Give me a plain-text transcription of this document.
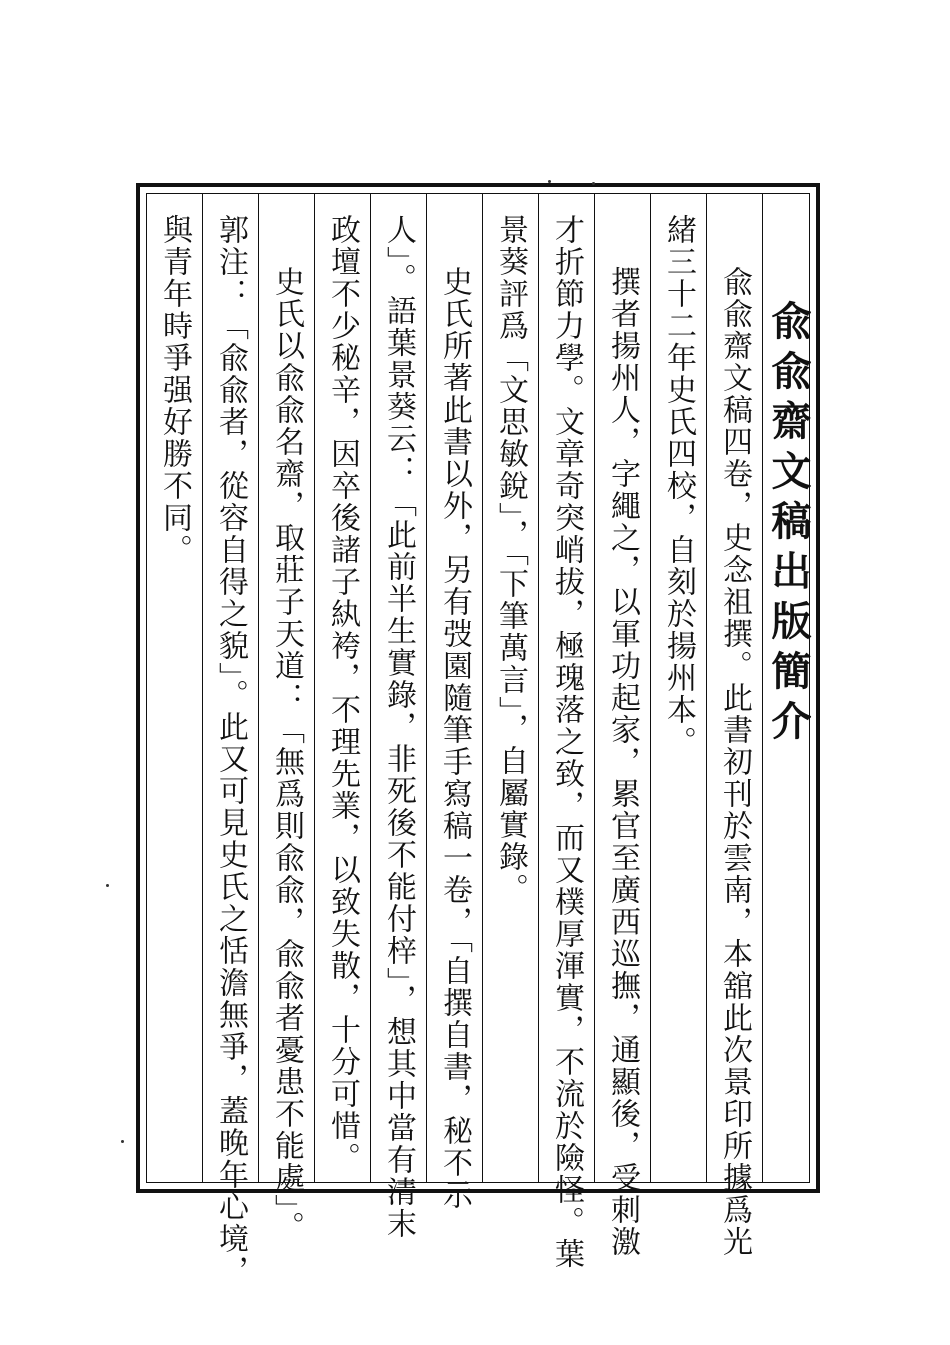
兪兪齋文稿出版簡介
兪兪齋文稿四卷，史念祖撰。此書初刊於雲南，本舘此次景印所據爲光
緒三十二年史氏四校，自刻於揚州本。
撰者揚州人，字繩之，以軍功起家，累官至廣西巡撫，通顯後，受刺激
才折節力學。文章奇突峭拔，極瑰落之致，而又樸厚渾實，不流於險怪。葉
景葵評爲「文思敏銳」，「下筆萬言」，自屬實錄。
史氏所著此書以外，另有弢園隨筆手寫稿一卷，「自撰自書，秘不示
人」。語葉景葵云：「此前半生實錄，非死後不能付梓」，想其中當有清末
政壇不少秘辛，因卒後諸子紈袴，不理先業，以致失散，十分可惜。
史氏以兪兪名齋，取莊子天道：「無爲則兪兪，兪兪者憂患不能處」。
郭注：「兪兪者，從容自得之貌」。此又可見史氏之恬澹無爭，蓋晚年心境，
與青年時爭强好勝不同。
